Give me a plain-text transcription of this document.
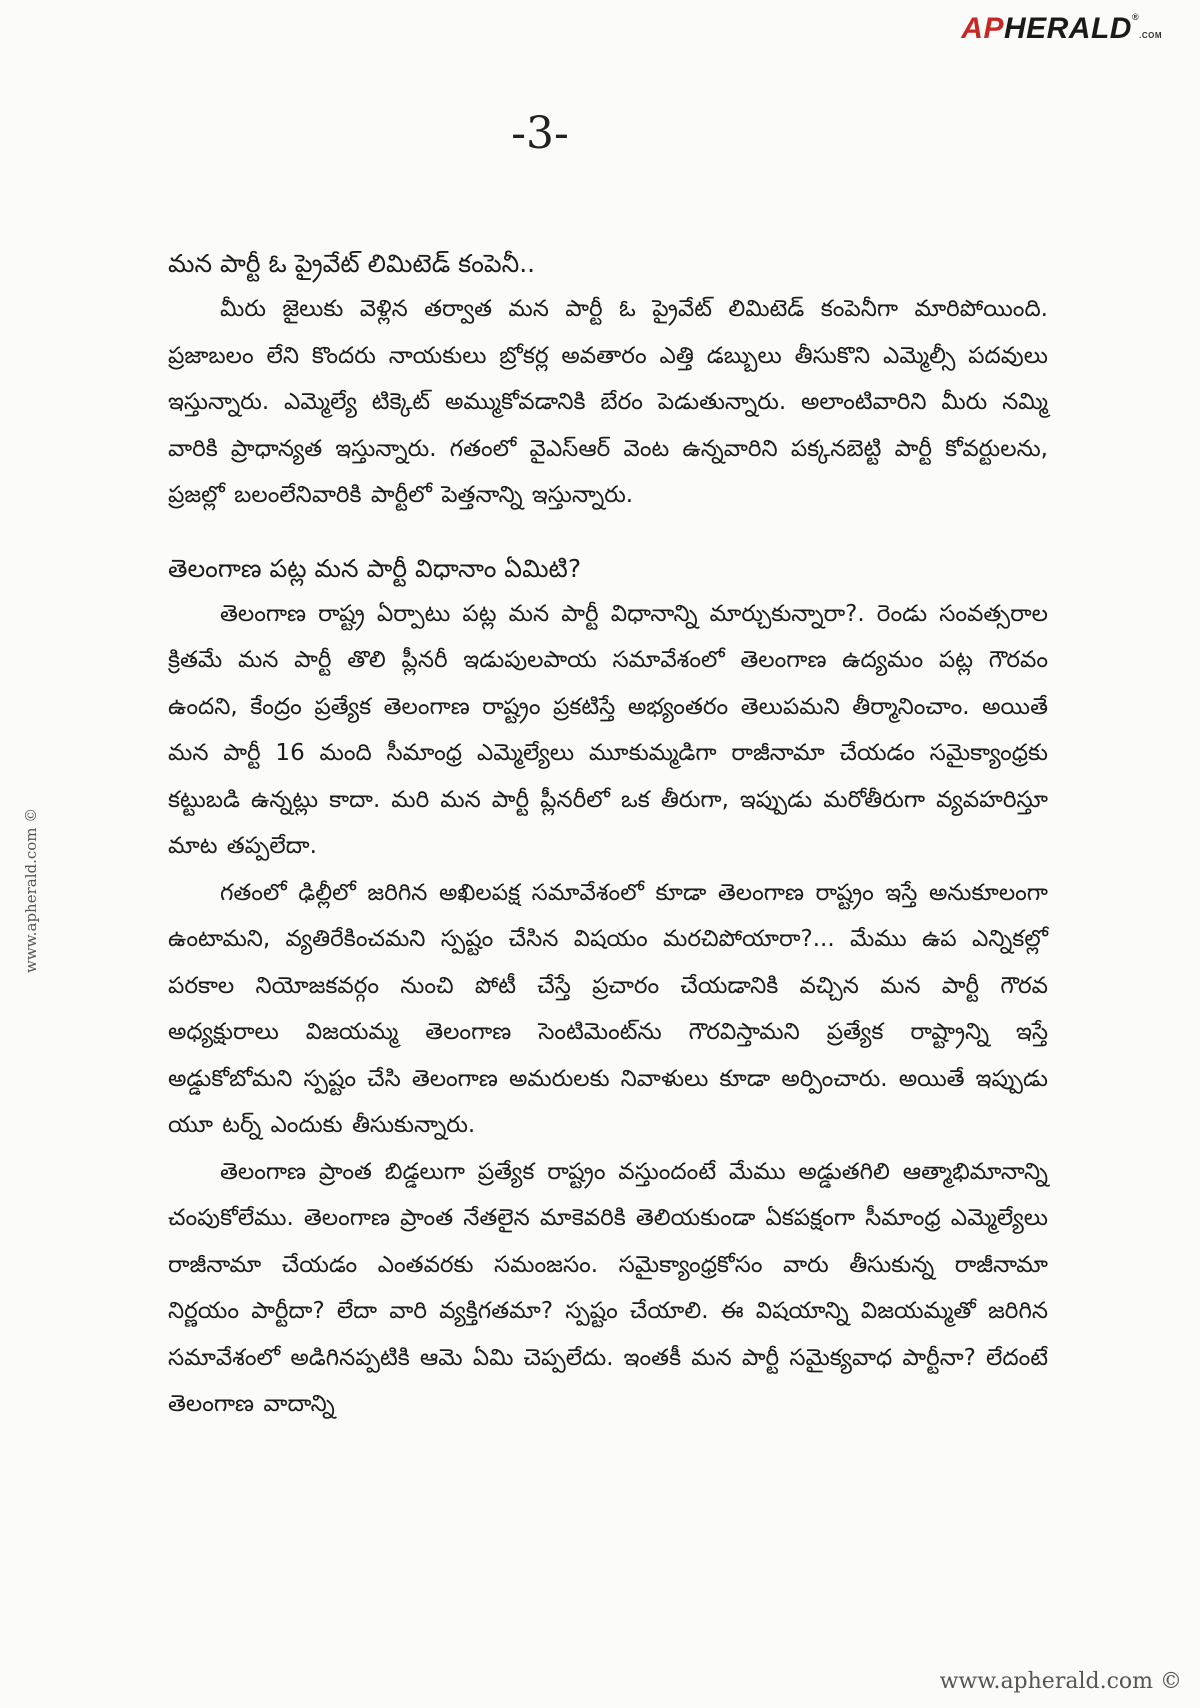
APHERALD®.COM
-3-
మన పార్టీ ఓ ప్రైవేట్ లిమిటెడ్ కంపెనీ..

మీరు జైలుకు వెళ్లిన తర్వాత మన పార్టీ ఓ ప్రైవేట్ లిమిటెడ్ కంపెనీగా మారిపోయింది. ప్రజాబలం లేని కొందరు నాయకులు బ్రోకర్ల అవతారం ఎత్తి డబ్బులు తీసుకొని ఎమ్మెల్సీ పదవులు ఇస్తున్నారు. ఎమ్మెల్యే టిక్కెట్ అమ్ముకోవడానికి బేరం పెడుతున్నారు. అలాంటివారిని మీరు నమ్మి వారికి ప్రాధాన్యత ఇస్తున్నారు. గతంలో వైఎస్ఆర్ వెంట ఉన్నవారిని పక్కనబెట్టి పార్టీ కోవర్టులను, ప్రజల్లో బలంలేనివారికి పార్టీలో పెత్తనాన్ని ఇస్తున్నారు.

తెలంగాణ పట్ల మన పార్టీ విధానాం ఏమిటి?

తెలంగాణ రాష్ట్ర ఏర్పాటు పట్ల మన పార్టీ విధానాన్ని మార్చుకున్నారా?. రెండు సంవత్సరాల క్రితమే మన పార్టీ తొలి ప్లీనరీ ఇడుపులపాయ సమావేశంలో తెలంగాణ ఉద్యమం పట్ల గౌరవం ఉందని, కేంద్రం ప్రత్యేక తెలంగాణ రాష్ట్రం ప్రకటిస్తే అభ్యంతరం తెలుపమని తీర్మానించాం. అయితే మన పార్టీ 16 మంది సీమాంధ్ర ఎమ్మెల్యేలు మూకుమ్మడిగా రాజీనామా చేయడం సమైక్యాంధ్రకు కట్టుబడి ఉన్నట్లు కాదా. మరి మన పార్టీ ప్లీనరీలో ఒక తీరుగా, ఇప్పుడు మరోతీరుగా వ్యవహరిస్తూ మాట తప్పలేదా.

గతంలో ఢిల్లీలో జరిగిన అఖిలపక్ష సమావేశంలో కూడా తెలంగాణ రాష్ట్రం ఇస్తే అనుకూలంగా ఉంటామని, వ్యతిరేకించమని స్పష్టం చేసిన విషయం మరచిపోయారా?... మేము ఉప ఎన్నికల్లో పరకాల నియోజకవర్గం నుంచి పోటీ చేస్తే ప్రచారం చేయడానికి వచ్చిన మన పార్టీ గౌరవ అధ్యక్షురాలు విజయమ్మ తెలంగాణ సెంటిమెంట్‌ను గౌరవిస్తామని ప్రత్యేక రాష్ట్రాన్ని ఇస్తే అడ్డుకోబోమని స్పష్టం చేసి తెలంగాణ అమరులకు నివాళులు కూడా అర్పించారు. అయితే ఇప్పుడు యూ టర్న్ ఎందుకు తీసుకున్నారు.

తెలంగాణ ప్రాంత బిడ్డలుగా ప్రత్యేక రాష్ట్రం వస్తుందంటే మేము అడ్డుతగిలి ఆత్మాభిమానాన్ని చంపుకోలేము. తెలంగాణ ప్రాంత నేతలైన మాకెవరికి తెలియకుండా ఏకపక్షంగా సీమాంధ్ర ఎమ్మెల్యేలు రాజీనామా చేయడం ఎంతవరకు సమంజసం. సమైక్యాంధ్రకోసం వారు తీసుకున్న రాజీనామా నిర్ణయం పార్టీదా? లేదా వారి వ్యక్తిగతమా? స్పష్టం చేయాలి. ఈ విషయాన్ని విజయమ్మతో జరిగిన సమావేశంలో అడిగినప్పటికి ఆమె ఏమి చెప్పలేదు. ఇంతకీ మన పార్టీ సమైక్యవాధ పార్టీనా? లేదంటే తెలంగాణ వాదాన్ని

www.apherald.com ©
www.apherald.com ©
